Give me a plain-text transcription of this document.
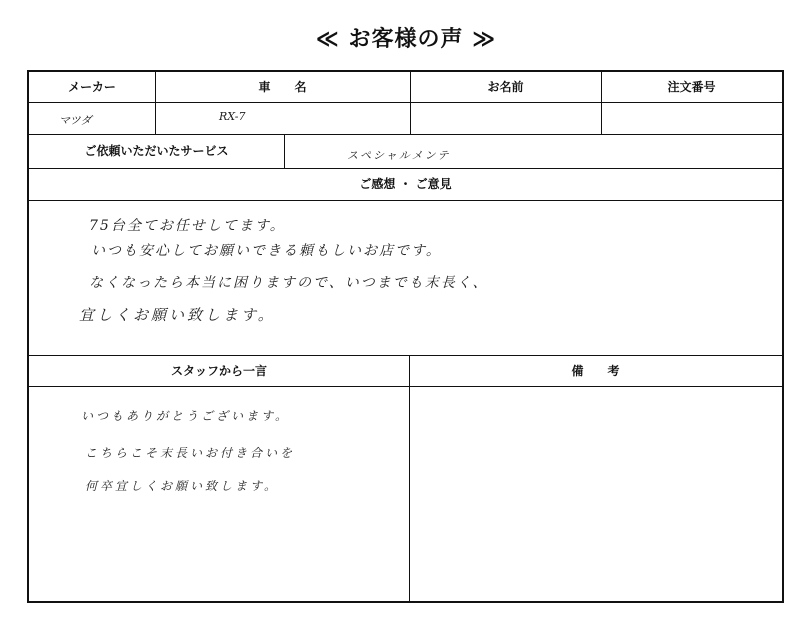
≪ お客様の声 ≫
メーカー	車　　名	お名前	注文番号
マツダ	RX-7
ご依頼いただいたサービス	スペシャルメンテ
ご感想 ・ ご意見
75台全てお任せしてます。
いつも安心してお願いできる頼もしいお店です。
なくなったら本当に困りますので、いつまでも末長く、
宜しくお願い致します。
スタッフから一言	備　　考
いつもありがとうございます。
こちらこそ末長いお付き合いを
何卒宜しくお願い致します。
